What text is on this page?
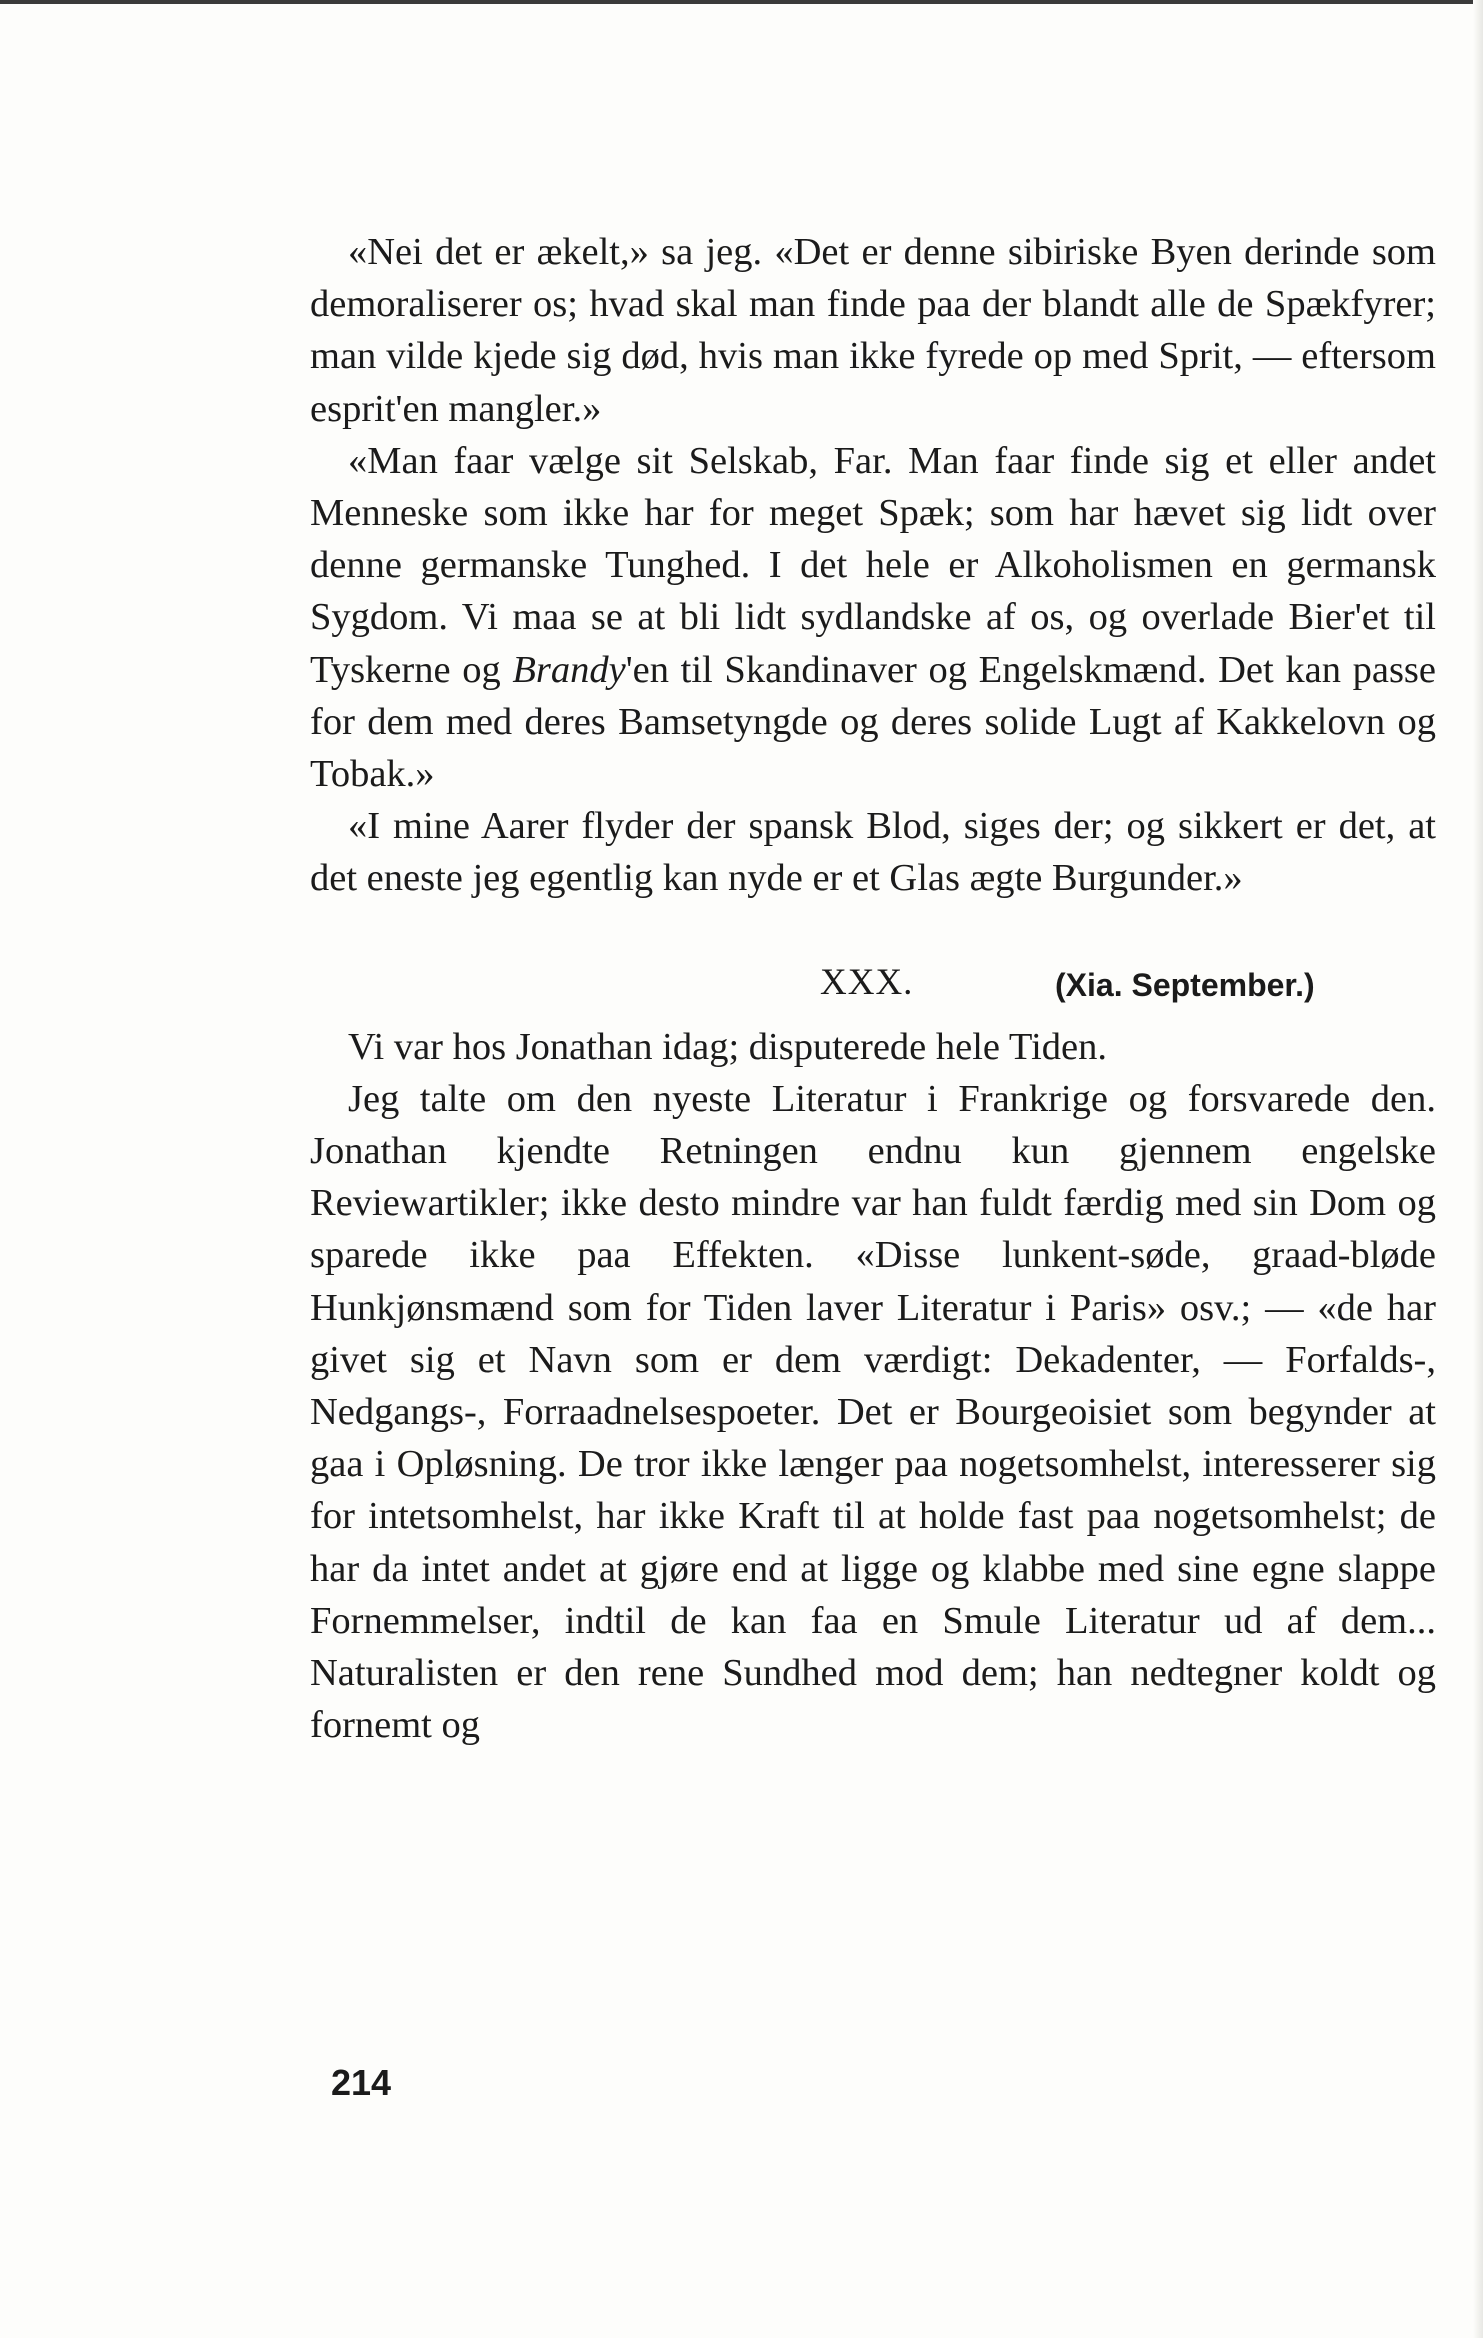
«Nei det er ækelt,» sa jeg. «Det er denne sibiriske Byen derinde som demoraliserer os; hvad skal man finde paa der blandt alle de Spækfyrer; man vilde kjede sig død, hvis man ikke fyrede op med Sprit, — eftersom esprit'en mangler.»

«Man faar vælge sit Selskab, Far. Man faar finde sig et eller andet Menneske som ikke har for meget Spæk; som har hævet sig lidt over denne germanske Tunghed. I det hele er Alkoholismen en germansk Sygdom. Vi maa se at bli lidt sydlandske af os, og overlade Bier'et til Tyskerne og Brandy'en til Skandinaver og Engelskmænd. Det kan passe for dem med deres Bamsetyngde og deres solide Lugt af Kakkelovn og Tobak.»

«I mine Aarer flyder der spansk Blod, siges der; og sikkert er det, at det eneste jeg egentlig kan nyde er et Glas ægte Burgunder.»

XXX.	(Xia. September.)

Vi var hos Jonathan idag; disputerede hele Tiden.

Jeg talte om den nyeste Literatur i Frankrige og forsvarede den. Jonathan kjendte Retningen endnu kun gjennem engelske Reviewartikler; ikke desto mindre var han fuldt færdig med sin Dom og sparede ikke paa Effekten. «Disse lunkent-søde, graad-bløde Hunkjønsmænd som for Tiden laver Literatur i Paris» osv.; — «de har givet sig et Navn som er dem værdigt: Dekadenter, — Forfalds-, Nedgangs-, Forraadnelsespoeter. Det er Bourgeoisiet som begynder at gaa i Opløsning. De tror ikke længer paa nogetsomhelst, interesserer sig for intetsomhelst, har ikke Kraft til at holde fast paa nogetsomhelst; de har da intet andet at gjøre end at ligge og klabbe med sine egne slappe Fornemmelser, indtil de kan faa en Smule Literatur ud af dem... Naturalisten er den rene Sundhed mod dem; han nedtegner koldt og fornemt og

214
